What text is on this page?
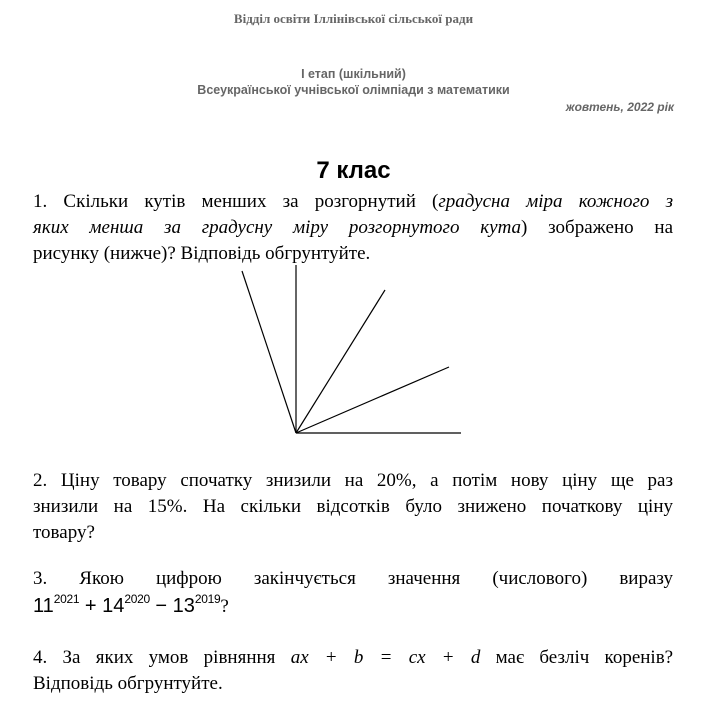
Відділ освіти Іллінівської сільської ради
І етап (шкільний)
Всеукраїнської учнівської олімпіади з математики
жовтень, 2022 рік
7 клас
1. Скільки кутів менших за розгорнутий (градусна міра кожного з
яких менша за градусну міру розгорнутого кута) зображено на
рисунку (нижче)? Відповідь обгрунтуйте.
2. Ціну товару спочатку знизили на 20%, а потім нову ціну ще раз
знизили на 15%. На скільки відсотків було знижено початкову ціну
товару?
3. Якою цифрою закінчується значення (числового) виразу
$11^{2021} + 14^{2020} - 13^{2019}$?
4. За яких умов рівняння ax + b = cx + d має безліч коренів?
Відповідь обгрунтуйте.
